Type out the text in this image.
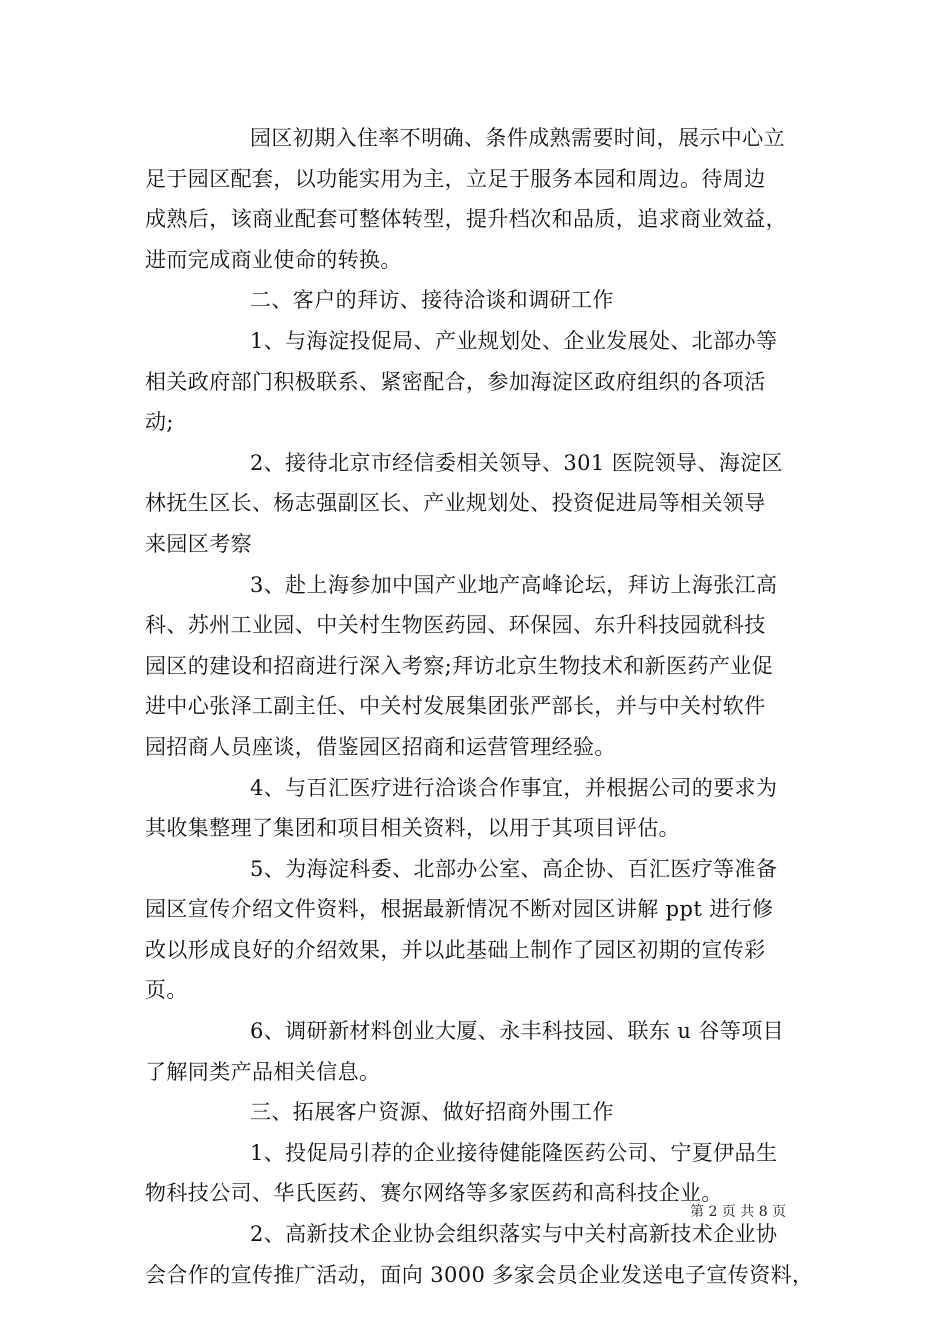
园区初期入住率不明确、条件成熟需要时间，展示中心立
足于园区配套，以功能实用为主，立足于服务本园和周边。待周边
成熟后，该商业配套可整体转型，提升档次和品质，追求商业效益，
进而完成商业使命的转换。
二、客户的拜访、接待洽谈和调研工作
1、与海淀投促局、产业规划处、企业发展处、北部办等
相关政府部门积极联系、紧密配合，参加海淀区政府组织的各项活
动;
2、接待北京市经信委相关领导、301 医院领导、海淀区
林抚生区长、杨志强副区长、产业规划处、投资促进局等相关领导
来园区考察
3、赴上海参加中国产业地产高峰论坛，拜访上海张江高
科、苏州工业园、中关村生物医药园、环保园、东升科技园就科技
园区的建设和招商进行深入考察;拜访北京生物技术和新医药产业促
进中心张泽工副主任、中关村发展集团张严部长，并与中关村软件
园招商人员座谈，借鉴园区招商和运营管理经验。
4、与百汇医疗进行洽谈合作事宜，并根据公司的要求为
其收集整理了集团和项目相关资料，以用于其项目评估。
5、为海淀科委、北部办公室、高企协、百汇医疗等准备
园区宣传介绍文件资料，根据最新情况不断对园区讲解 ppt 进行修
改以形成良好的介绍效果，并以此基础上制作了园区初期的宣传彩
页。
6、调研新材料创业大厦、永丰科技园、联东 u 谷等项目
了解同类产品相关信息。
三、拓展客户资源、做好招商外围工作
1、投促局引荐的企业接待健能隆医药公司、宁夏伊品生
物科技公司、华氏医药、赛尔网络等多家医药和高科技企业。
2、高新技术企业协会组织落实与中关村高新技术企业协
会合作的宣传推广活动，面向 3000 多家会员企业发送电子宣传资料，
第 2 页 共 8 页
